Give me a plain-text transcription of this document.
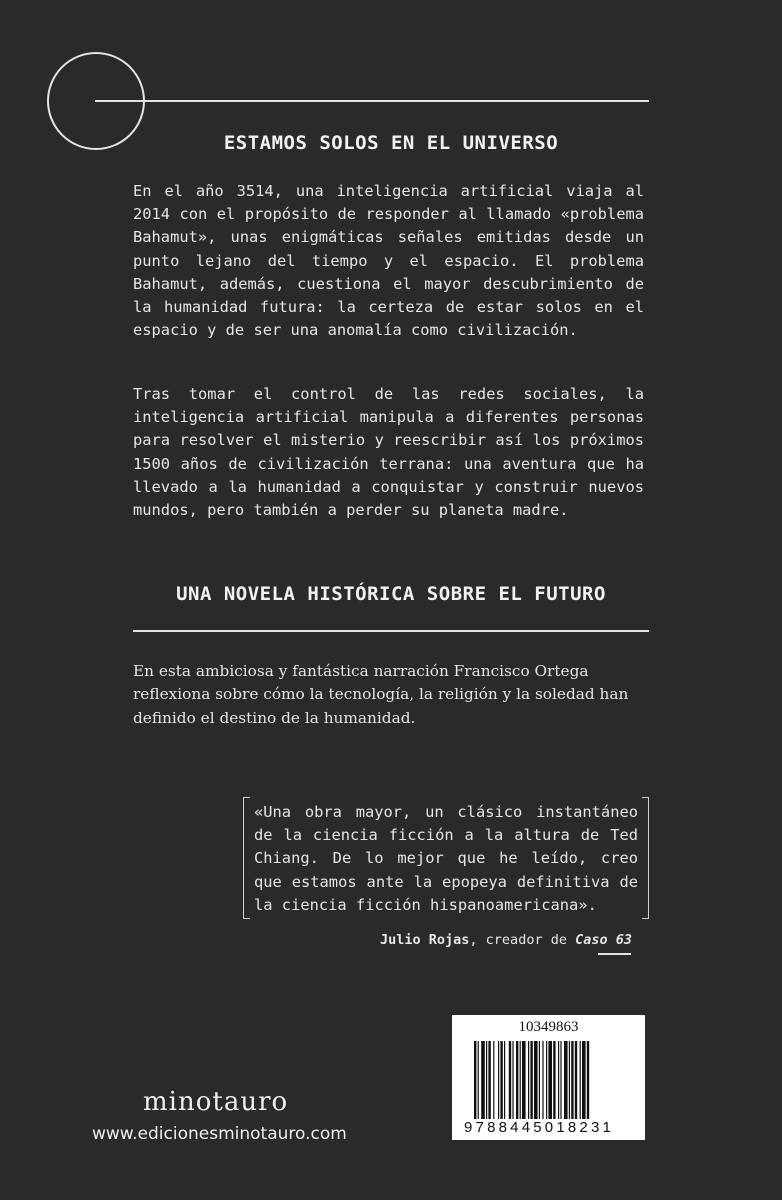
ESTAMOS SOLOS EN EL UNIVERSO
En el año 3514, una inteligencia artificial viaja al 2014 con el propósito de responder al llamado «problema Bahamut», unas enigmáticas señales emitidas desde un punto lejano del tiempo y el espacio. El problema Bahamut, además, cuestiona el mayor descubrimiento de la humanidad futura: la certeza de estar solos en el espacio y de ser una anomalía como civilización.
Tras tomar el control de las redes sociales, la inteligencia artificial manipula a diferentes personas para resolver el misterio y reescribir así los próximos 1500 años de civilización terrana: una aventura que ha llevado a la humanidad a conquistar y construir nuevos mundos, pero también a perder su planeta madre.
UNA NOVELA HISTÓRICA SOBRE EL FUTURO
En esta ambiciosa y fantástica narración Francisco Ortega reflexiona sobre cómo la tecnología, la religión y la soledad han definido el destino de la humanidad.
«Una obra mayor, un clásico instantáneo de la ciencia ficción a la altura de Ted Chiang. De lo mejor que he leído, creo que estamos ante la epopeya definitiva de la ciencia ficción hispanoamericana».
Julio Rojas, creador de Caso 63
minotauro
www.edicionesminotauro.com
10349863
9788445018231
